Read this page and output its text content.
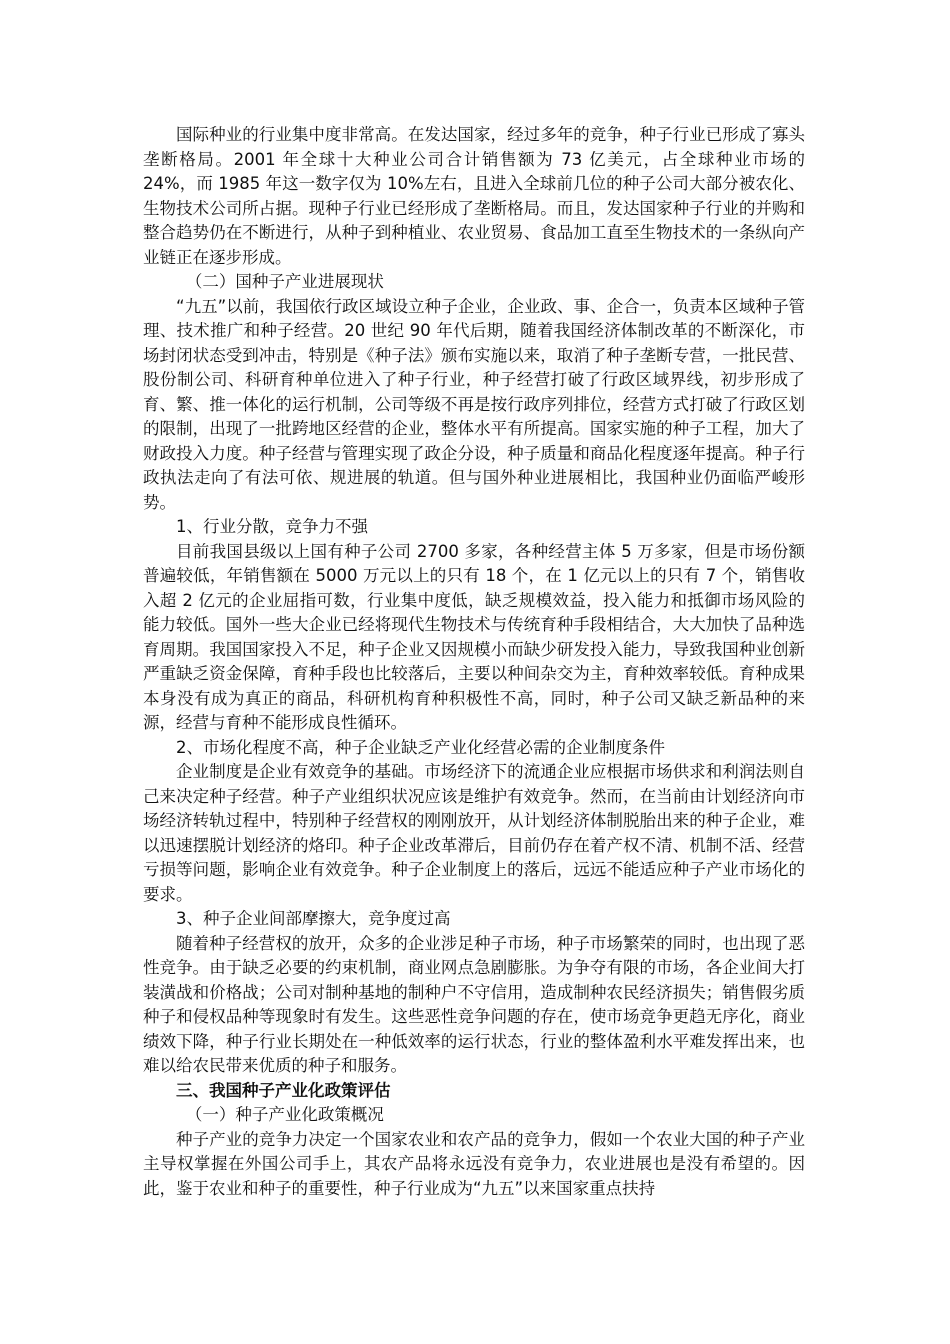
国际种业的行业集中度非常高。在发达国家，经过多年的竞争，种子行业已形成了寡头垄断格局。2001 年全球十大种业公司合计销售额为 73 亿美元，占全球种业市场的 24%，而 1985 年这一数字仅为 10%左右，且进入全球前几位的种子公司大部分被农化、生物技术公司所占据。现种子行业已经形成了垄断格局。而且，发达国家种子行业的并购和整合趋势仍在不断进行，从种子到种植业、农业贸易、食品加工直至生物技术的一条纵向产业链正在逐步形成。

（二）国种子产业进展现状

“九五”以前，我国依行政区域设立种子企业，企业政、事、企合一，负责本区域种子管理、技术推广和种子经营。20 世纪 90 年代后期，随着我国经济体制改革的不断深化，市场封闭状态受到冲击，特别是《种子法》颁布实施以来，取消了种子垄断专营，一批民营、股份制公司、科研育种单位进入了种子行业，种子经营打破了行政区域界线，初步形成了育、繁、推一体化的运行机制，公司等级不再是按行政序列排位，经营方式打破了行政区划的限制，出现了一批跨地区经营的企业，整体水平有所提高。国家实施的种子工程，加大了财政投入力度。种子经营与管理实现了政企分设，种子质量和商品化程度逐年提高。种子行政执法走向了有法可依、规进展的轨道。但与国外种业进展相比，我国种业仍面临严峻形势。

1、行业分散，竞争力不强

目前我国县级以上国有种子公司 2700 多家，各种经营主体 5 万多家，但是市场份额普遍较低，年销售额在 5000 万元以上的只有 18 个，在 1 亿元以上的只有 7 个，销售收入超 2 亿元的企业屈指可数，行业集中度低，缺乏规模效益，投入能力和抵御市场风险的能力较低。国外一些大企业已经将现代生物技术与传统育种手段相结合，大大加快了品种选育周期。我国国家投入不足，种子企业又因规模小而缺少研发投入能力，导致我国种业创新严重缺乏资金保障，育种手段也比较落后，主要以种间杂交为主，育种效率较低。育种成果本身没有成为真正的商品，科研机构育种积极性不高，同时，种子公司又缺乏新品种的来源，经营与育种不能形成良性循环。

2、市场化程度不高，种子企业缺乏产业化经营必需的企业制度条件

企业制度是企业有效竞争的基础。市场经济下的流通企业应根据市场供求和利润法则自己来决定种子经营。种子产业组织状况应该是维护有效竞争。然而，在当前由计划经济向市场经济转轨过程中，特别种子经营权的刚刚放开，从计划经济体制脱胎出来的种子企业，难以迅速摆脱计划经济的烙印。种子企业改革滞后，目前仍存在着产权不清、机制不活、经营亏损等问题，影响企业有效竞争。种子企业制度上的落后，远远不能适应种子产业市场化的要求。

3、种子企业间部摩擦大，竞争度过高

随着种子经营权的放开，众多的企业涉足种子市场，种子市场繁荣的同时，也出现了恶性竞争。由于缺乏必要的约束机制，商业网点急剧膨胀。为争夺有限的市场，各企业间大打装潢战和价格战；公司对制种基地的制种户不守信用，造成制种农民经济损失；销售假劣质种子和侵权品种等现象时有发生。这些恶性竞争问题的存在，使市场竞争更趋无序化，商业绩效下降，种子行业长期处在一种低效率的运行状态，行业的整体盈利水平难发挥出来，也难以给农民带来优质的种子和服务。

三、我国种子产业化政策评估

（一）种子产业化政策概况

种子产业的竞争力决定一个国家农业和农产品的竞争力，假如一个农业大国的种子产业主导权掌握在外国公司手上，其农产品将永远没有竞争力，农业进展也是没有希望的。因此，鉴于农业和种子的重要性，种子行业成为“九五”以来国家重点扶持
